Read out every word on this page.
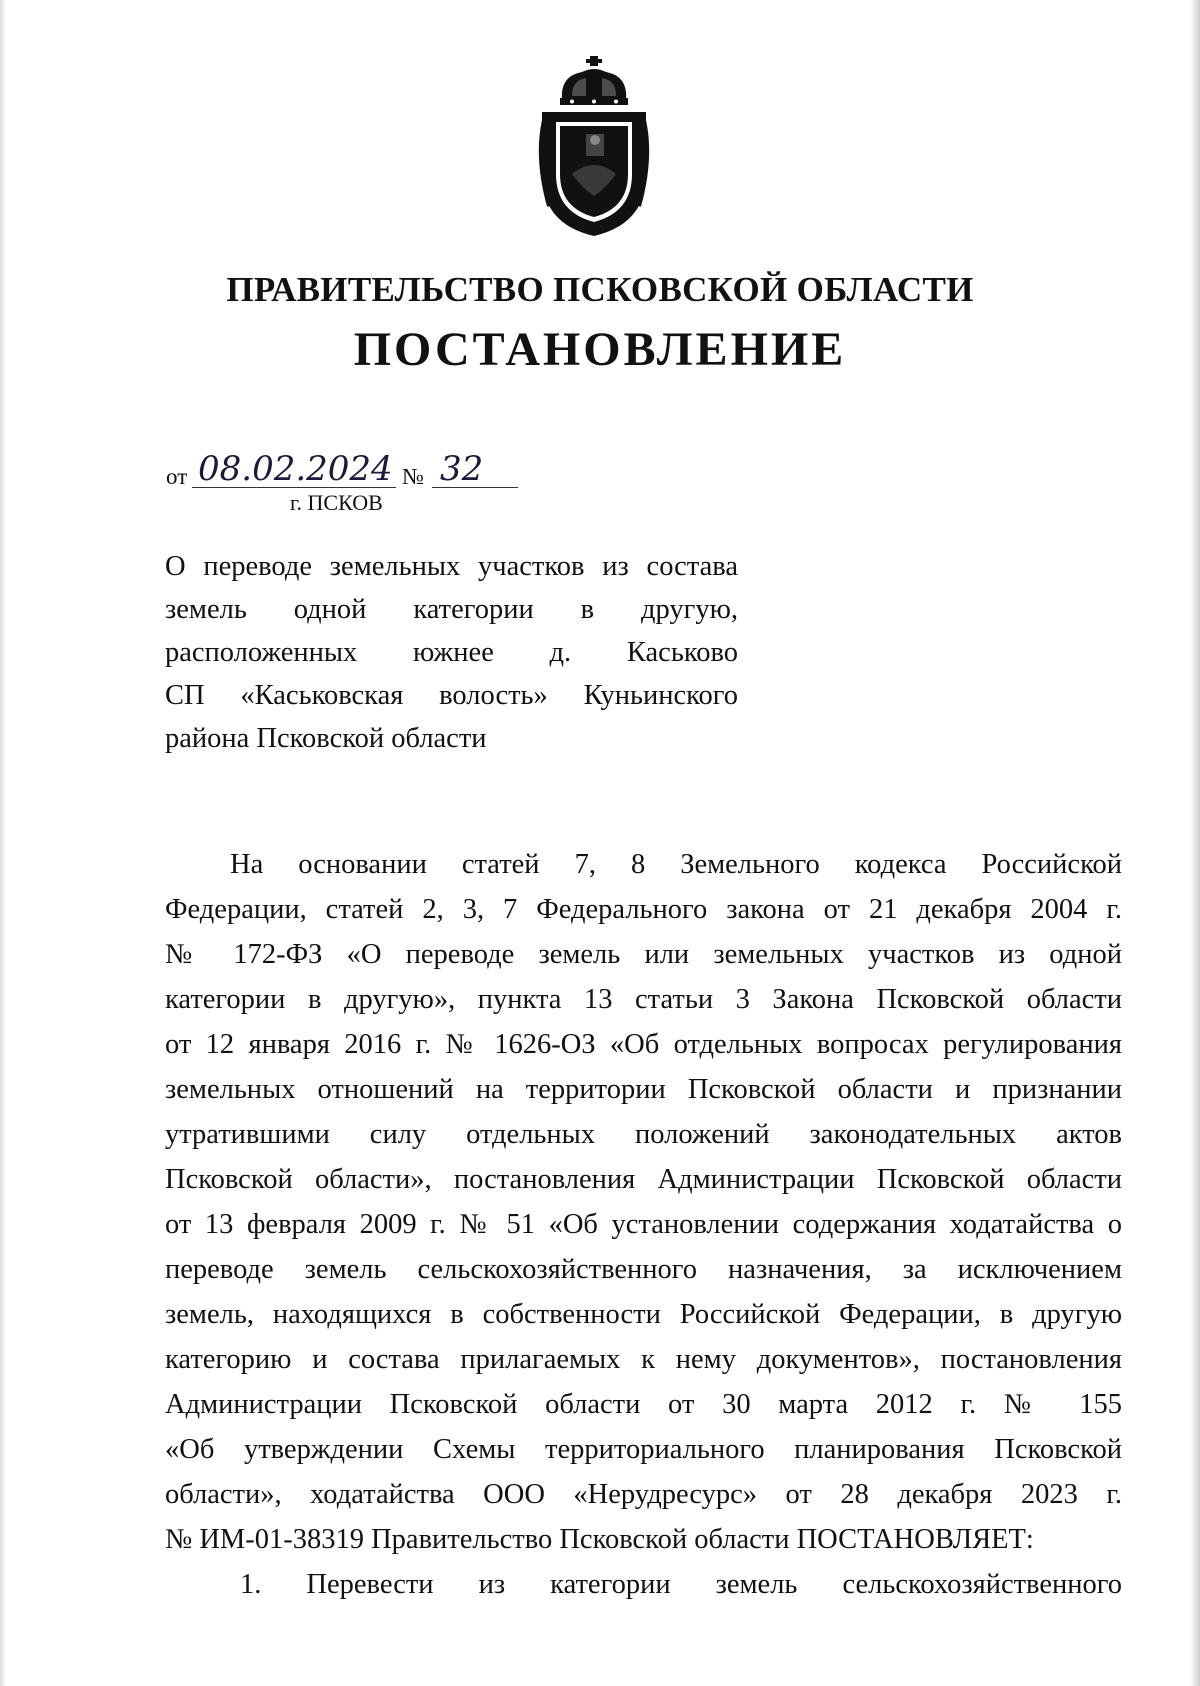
ПРАВИТЕЛЬСТВО ПСКОВСКОЙ ОБЛАСТИ
ПОСТАНОВЛЕНИЕ
от 08.02.2024 № 32
г. ПСКОВ
О переводе земельных участков из состава
земель одной категории в другую,
расположенных южнее д. Каськово
СП «Каськовская волость» Куньинского
района Псковской области
На основании статей 7, 8 Земельного кодекса Российской
Федерации, статей 2, 3, 7 Федерального закона от 21 декабря 2004 г.
№ 172-ФЗ «О переводе земель или земельных участков из одной
категории в другую», пункта 13 статьи 3 Закона Псковской области
от 12 января 2016 г. № 1626-ОЗ «Об отдельных вопросах регулирования
земельных отношений на территории Псковской области и признании
утратившими силу отдельных положений законодательных актов
Псковской области», постановления Администрации Псковской области
от 13 февраля 2009 г. № 51 «Об установлении содержания ходатайства о
переводе земель сельскохозяйственного назначения, за исключением
земель, находящихся в собственности Российской Федерации, в другую
категорию и состава прилагаемых к нему документов», постановления
Администрации Псковской области от 30 марта 2012 г. № 155
«Об утверждении Схемы территориального планирования Псковской
области», ходатайства ООО «Нерудресурс» от 28 декабря 2023 г.
№ ИМ-01-38319 Правительство Псковской области ПОСТАНОВЛЯЕТ:
1. Перевести из категории земель сельскохозяйственного
